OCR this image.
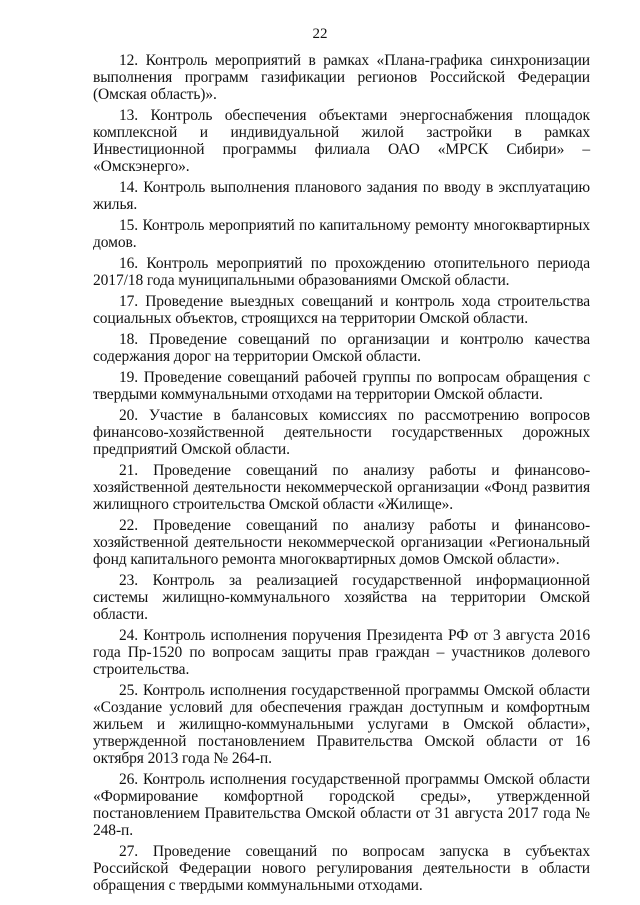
22

12. Контроль мероприятий в рамках «Плана-графика синхронизации выполнения программ газификации регионов Российской Федерации (Омская область)».

13. Контроль обеспечения объектами энергоснабжения площадок комплексной и индивидуальной жилой застройки в рамках Инвестиционной программы филиала ОАО «МРСК Сибири» – «Омскэнерго».

14. Контроль выполнения планового задания по вводу в эксплуатацию жилья.

15. Контроль мероприятий по капитальному ремонту многоквартирных домов.

16. Контроль мероприятий по прохождению отопительного периода 2017/18 года муниципальными образованиями Омской области.

17. Проведение выездных совещаний и контроль хода строительства социальных объектов, строящихся на территории Омской области.

18. Проведение совещаний по организации и контролю качества содержания дорог на территории Омской области.

19. Проведение совещаний рабочей группы по вопросам обращения с твердыми коммунальными отходами на территории Омской области.

20. Участие в балансовых комиссиях по рассмотрению вопросов финансово-хозяйственной деятельности государственных дорожных предприятий Омской области.

21. Проведение совещаний по анализу работы и финансово-хозяйственной деятельности некоммерческой организации «Фонд развития жилищного строительства Омской области «Жилище».

22. Проведение совещаний по анализу работы и финансово-хозяйственной деятельности некоммерческой организации «Региональный фонд капитального ремонта многоквартирных домов Омской области».

23. Контроль за реализацией государственной информационной системы жилищно-коммунального хозяйства на территории Омской области.

24. Контроль исполнения поручения Президента РФ от 3 августа 2016 года Пр-1520 по вопросам защиты прав граждан – участников долевого строительства.

25. Контроль исполнения государственной программы Омской области «Создание условий для обеспечения граждан доступным и комфортным жильем и жилищно-коммунальными услугами в Омской области», утвержденной постановлением Правительства Омской области от 16 октября 2013 года № 264-п.

26. Контроль исполнения государственной программы Омской области «Формирование комфортной городской среды», утвержденной постановлением Правительства Омской области от 31 августа 2017 года № 248-п.

27. Проведение совещаний по вопросам запуска в субъектах Российской Федерации нового регулирования деятельности в области обращения с твердыми коммунальными отходами.
